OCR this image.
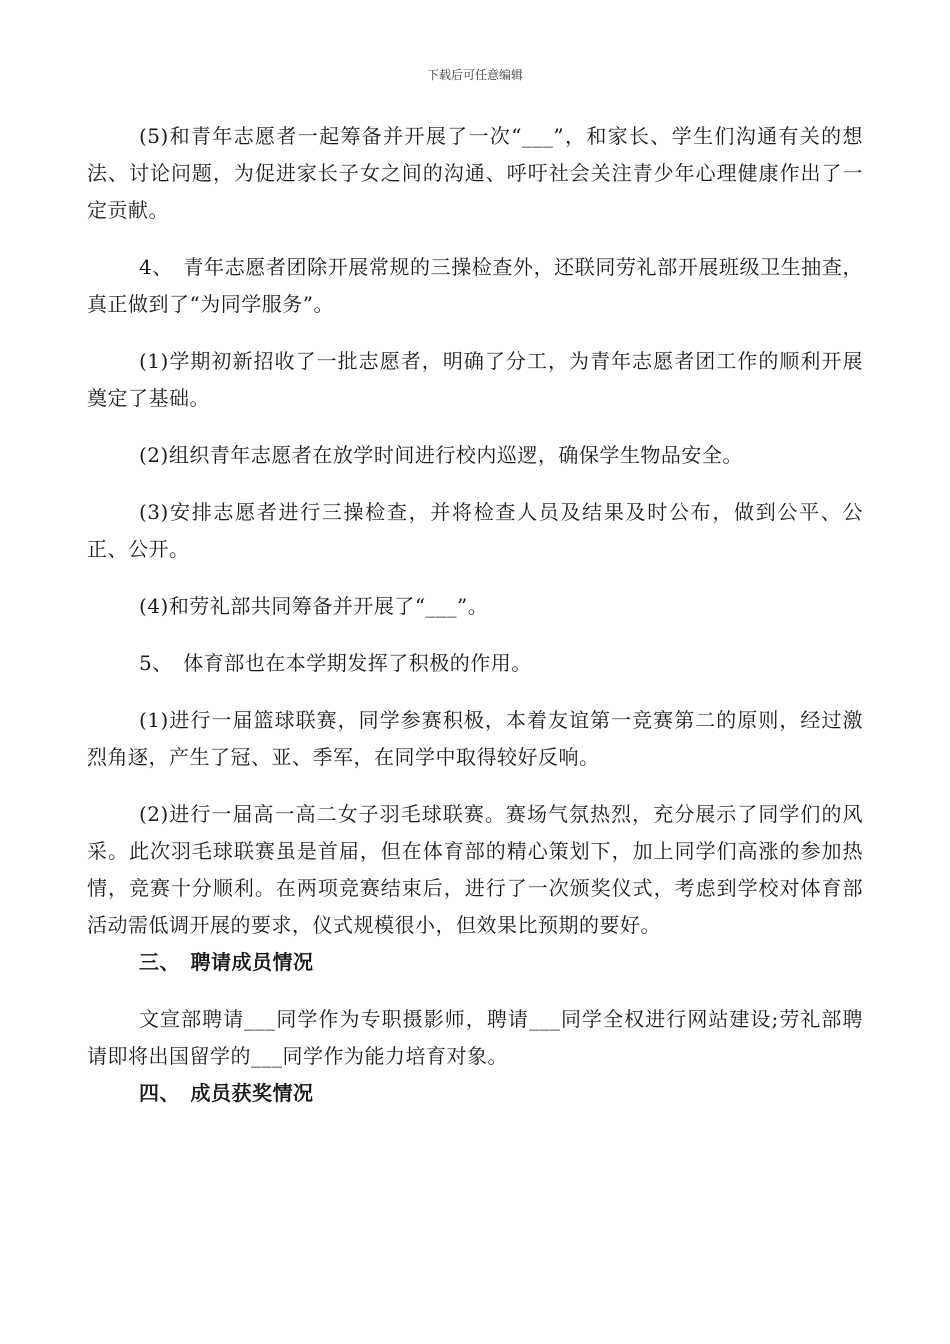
下载后可任意编辑

(5)和青年志愿者一起筹备并开展了一次“___”，和家长、学生们沟通有关的想法、讨论问题，为促进家长子女之间的沟通、呼吁社会关注青少年心理健康作出了一定贡献。

4、　青年志愿者团除开展常规的三操检查外，还联同劳礼部开展班级卫生抽查，真正做到了“为同学服务”。

(1)学期初新招收了一批志愿者，明确了分工，为青年志愿者团工作的顺利开展奠定了基础。

(2)组织青年志愿者在放学时间进行校内巡逻，确保学生物品安全。

(3)安排志愿者进行三操检查，并将检查人员及结果及时公布，做到公平、公正、公开。

(4)和劳礼部共同筹备并开展了“___”。

5、　体育部也在本学期发挥了积极的作用。

(1)进行一届篮球联赛，同学参赛积极，本着友谊第一竞赛第二的原则，经过激烈角逐，产生了冠、亚、季军，在同学中取得较好反响。

(2)进行一届高一高二女子羽毛球联赛。赛场气氛热烈，充分展示了同学们的风采。此次羽毛球联赛虽是首届，但在体育部的精心策划下，加上同学们高涨的参加热情，竞赛十分顺利。在两项竞赛结束后，进行了一次颁奖仪式，考虑到学校对体育部活动需低调开展的要求，仪式规模很小，但效果比预期的要好。

三、　聘请成员情况

文宣部聘请___同学作为专职摄影师，聘请___同学全权进行网站建设;劳礼部聘请即将出国留学的___同学作为能力培育对象。

四、　成员获奖情况
